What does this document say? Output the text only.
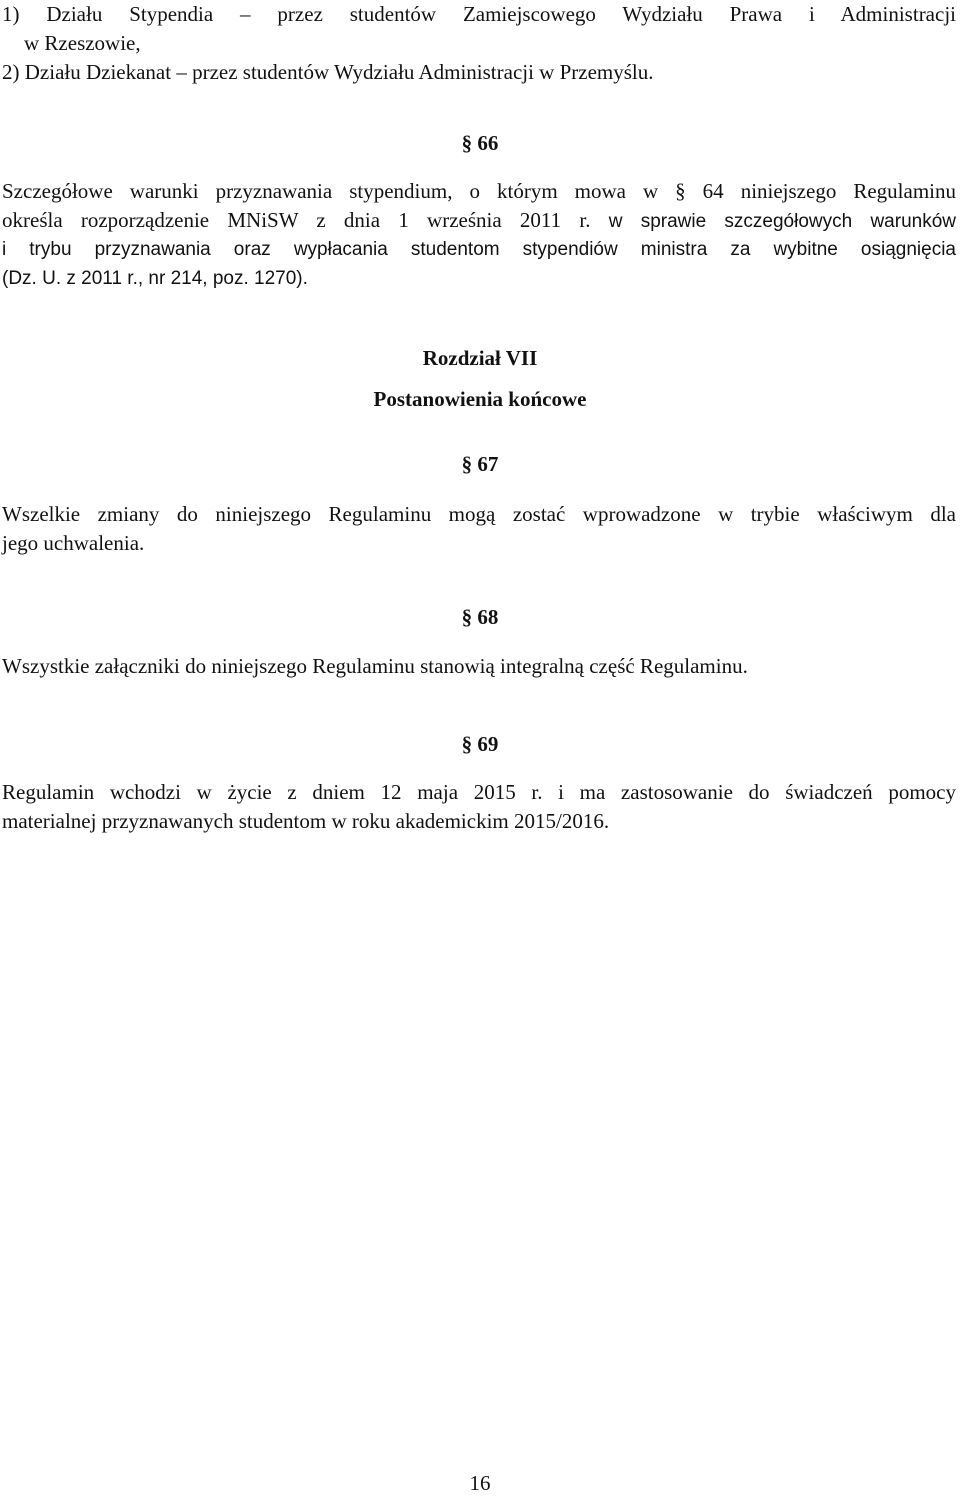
1) Działu Stypendia – przez studentów Zamiejscowego Wydziału Prawa i Administracji
w Rzeszowie,
2) Działu Dziekanat – przez studentów Wydziału Administracji w Przemyślu.
§ 66
Szczegółowe warunki przyznawania stypendium, o którym mowa w § 64 niniejszego Regulaminu
określa rozporządzenie MNiSW z dnia 1 września 2011 r. w sprawie szczegółowych warunków
i trybu przyznawania oraz wypłacania studentom stypendiów ministra za wybitne osiągnięcia
(Dz. U. z 2011 r., nr 214, poz. 1270).
Rozdział VII
Postanowienia końcowe
§ 67
Wszelkie zmiany do niniejszego Regulaminu mogą zostać wprowadzone w trybie właściwym dla
jego uchwalenia.
§ 68
Wszystkie załączniki do niniejszego Regulaminu stanowią integralną część Regulaminu.
§ 69
Regulamin wchodzi w życie z dniem 12 maja 2015 r. i ma zastosowanie do świadczeń pomocy
materialnej przyznawanych studentom w roku akademickim 2015/2016.
16
